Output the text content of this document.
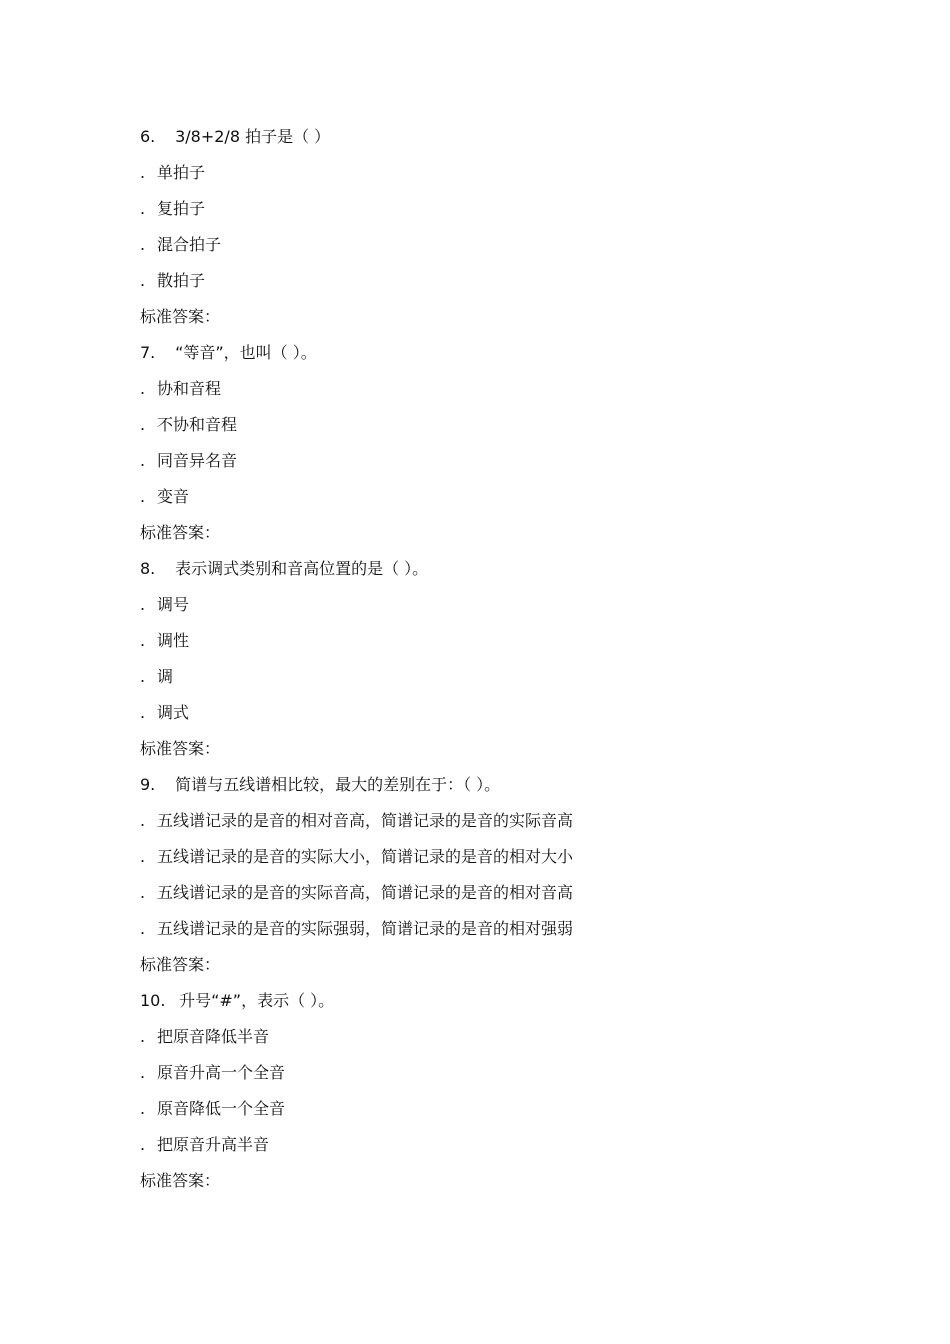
6. 3/8+2/8 拍子是（ ）
. 单拍子
. 复拍子
. 混合拍子
. 散拍子
标准答案：
7. “等音”，也叫（ ）。
. 协和音程
. 不协和音程
. 同音异名音
. 变音
标准答案：
8. 表示调式类别和音高位置的是（ ）。
. 调号
. 调性
. 调
. 调式
标准答案：
9. 简谱与五线谱相比较，最大的差别在于：（ ）。
. 五线谱记录的是音的相对音高，简谱记录的是音的实际音高
. 五线谱记录的是音的实际大小，简谱记录的是音的相对大小
. 五线谱记录的是音的实际音高，简谱记录的是音的相对音高
. 五线谱记录的是音的实际强弱，简谱记录的是音的相对强弱
标准答案：
10. 升号“#”，表示（ ）。
. 把原音降低半音
. 原音升高一个全音
. 原音降低一个全音
. 把原音升高半音
标准答案：
